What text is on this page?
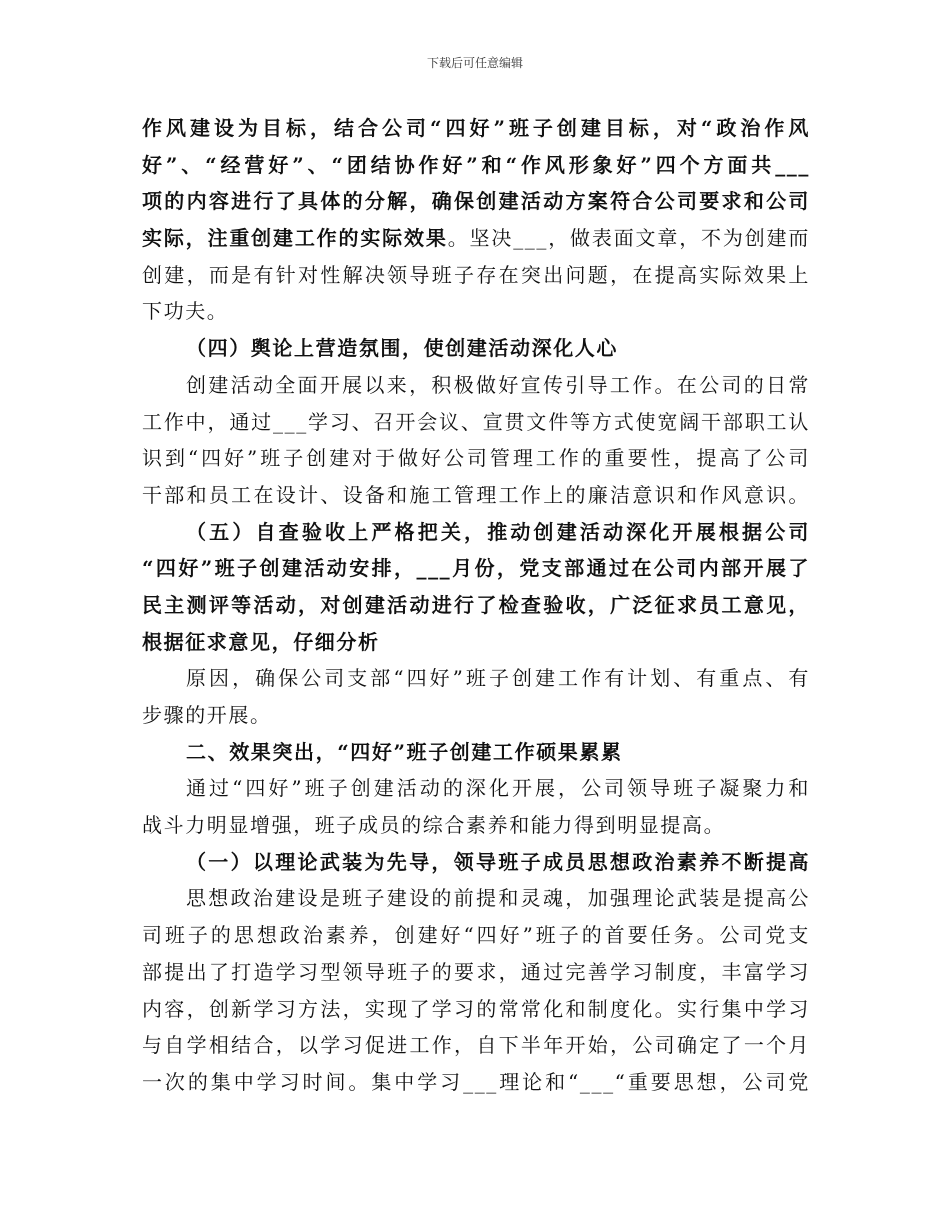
下载后可任意编辑
作风建设为目标，结合公司“四好”班子创建目标，对“政治作风
好”、“经营好”、“团结协作好”和“作风形象好”四个方面共___
项的内容进行了具体的分解，确保创建活动方案符合公司要求和公司
实际，注重创建工作的实际效果。坚决___，做表面文章，不为创建而
创建，而是有针对性解决领导班子存在突出问题，在提高实际效果上
下功夫。
（四）舆论上营造氛围，使创建活动深化人心
创建活动全面开展以来，积极做好宣传引导工作。在公司的日常
工作中，通过___学习、召开会议、宣贯文件等方式使宽阔干部职工认
识到“四好”班子创建对于做好公司管理工作的重要性，提高了公司
干部和员工在设计、设备和施工管理工作上的廉洁意识和作风意识。
（五）自查验收上严格把关，推动创建活动深化开展根据公司
“四好”班子创建活动安排，___月份，党支部通过在公司内部开展了
民主测评等活动，对创建活动进行了检查验收，广泛征求员工意见，
根据征求意见，仔细分析
原因，确保公司支部“四好”班子创建工作有计划、有重点、有
步骤的开展。
二、效果突出，“四好”班子创建工作硕果累累
通过“四好”班子创建活动的深化开展，公司领导班子凝聚力和
战斗力明显增强，班子成员的综合素养和能力得到明显提高。
（一）以理论武装为先导，领导班子成员思想政治素养不断提高
思想政治建设是班子建设的前提和灵魂，加强理论武装是提高公
司班子的思想政治素养，创建好“四好”班子的首要任务。公司党支
部提出了打造学习型领导班子的要求，通过完善学习制度，丰富学习
内容，创新学习方法，实现了学习的常常化和制度化。实行集中学习
与自学相结合，以学习促进工作，自下半年开始，公司确定了一个月
一次的集中学习时间。集中学习___理论和“___“重要思想，公司党
